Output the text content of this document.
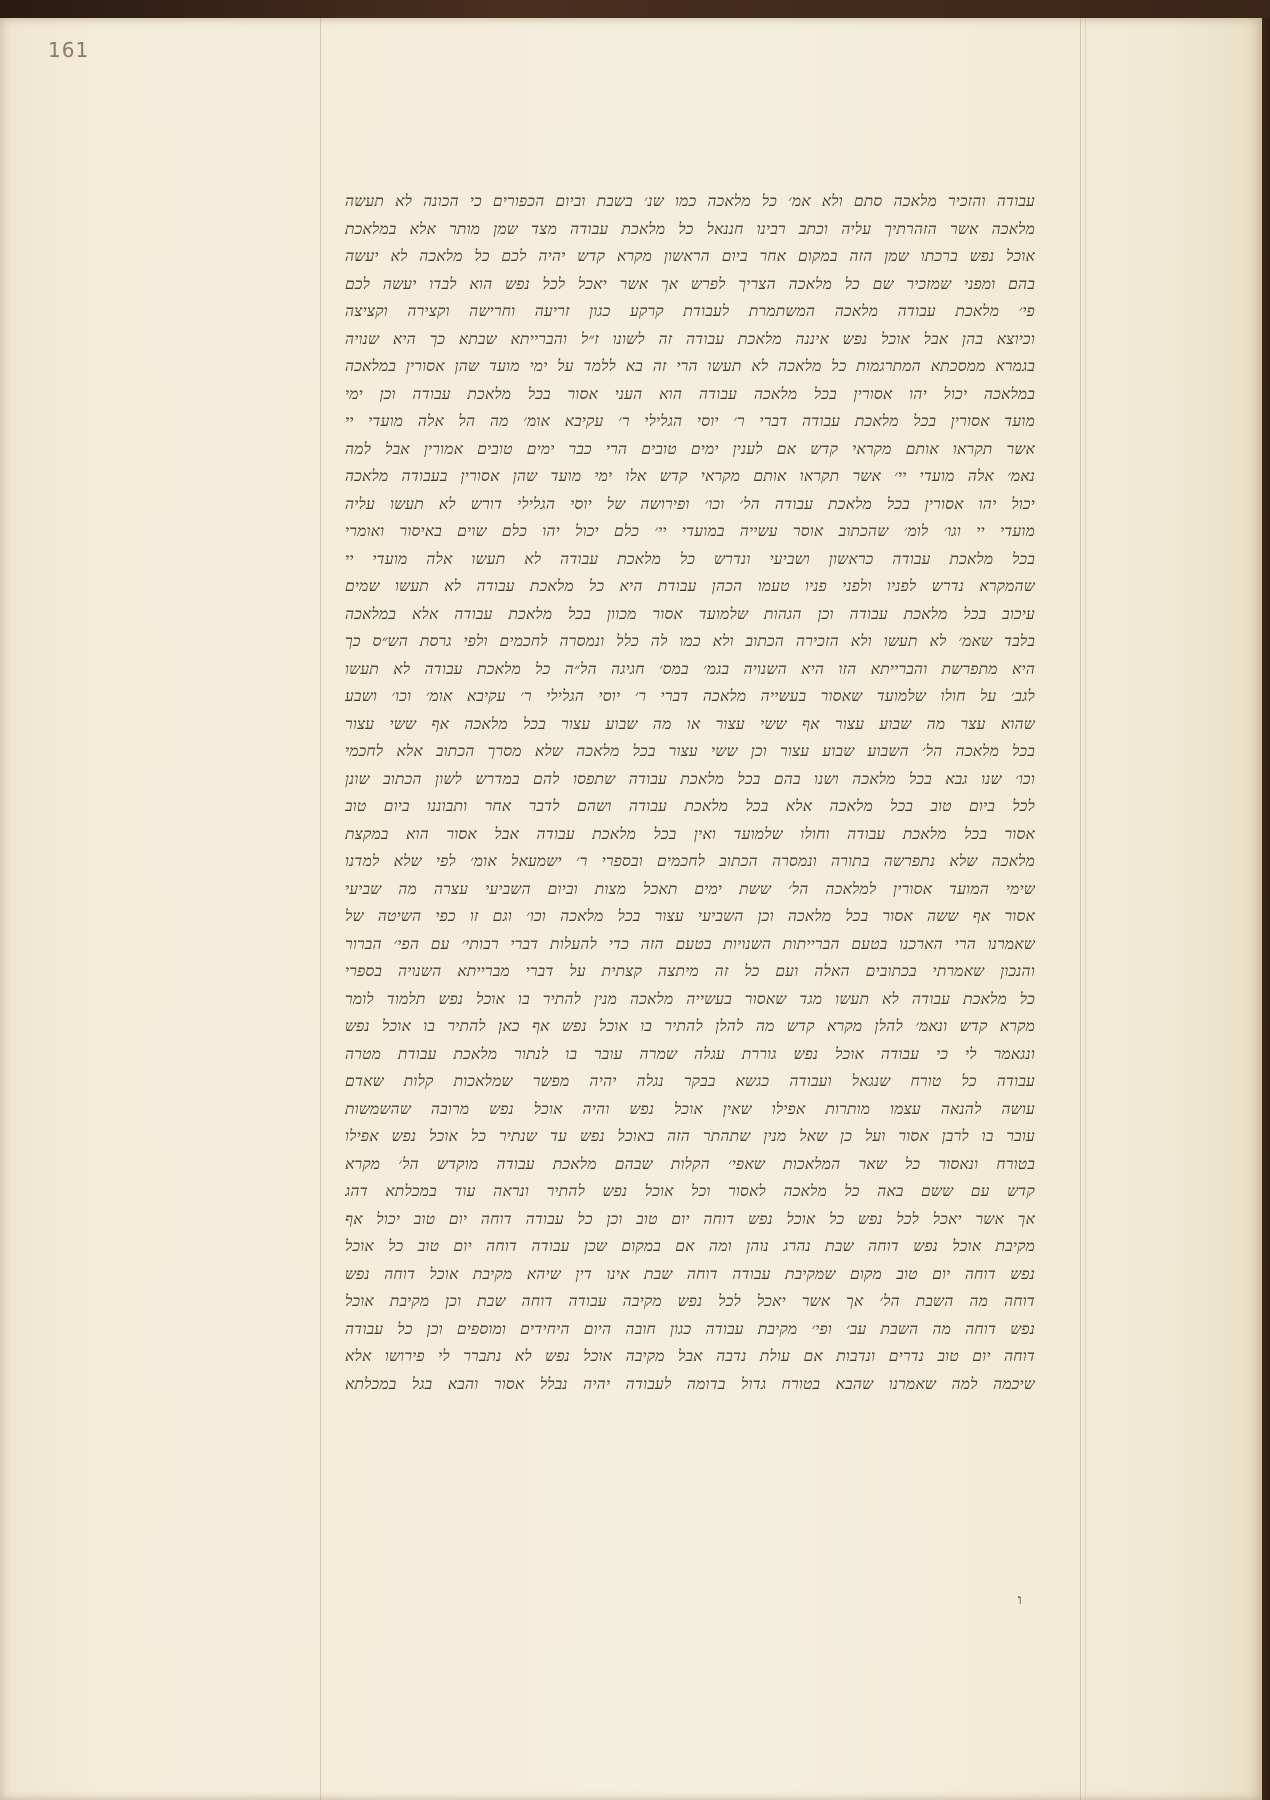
161
עבודה והזכיר מלאכה סתם ולא אמ׳ כל מלאכה כמו שנ׳ בשבת וביום הכפורים כי הכונה לא תעשה
מלאכה אשר הזהרתיך עליה וכתב רבינו חננאל כל מלאכת עבודה מצד שמן מותר אלא במלאכת
אוכל נפש ברכתו שמן הזה במקום אחר ביום הראשון מקרא קדש יהיה לכם כל מלאכה לא יעשה
בהם ומפני שמזכיר שם כל מלאכה הצריך לפרש אך אשר יאכל לכל נפש הוא לבדו יעשה לכם
פי׳ מלאכת עבודה מלאכה המשתמרת לעבודת קרקע כגון זריעה וחרישה וקצירה וקציצה
וכיוצא בהן אבל אוכל נפש איננה מלאכת עבודה זה לשונו ז״ל והברייתא שבתא כך היא שנויה
בגמרא ממסכתא המתרגמות כל מלאכה לא תעשו הרי זה בא ללמד על ימי מועד שהן אסורין במלאכה
במלאכה יכול יהו אסורין בכל מלאכה עבודה הוא העני אסור בכל מלאכת עבודה וכן ימי
מועד אסורין בכל מלאכת עבודה דברי ר׳ יוסי הגלילי ר׳ עקיבא אומ׳ מה הל אלה מועדי יי
אשר תקראו אותם מקראי קדש אם לענין ימים טובים הרי כבר ימים טובים אמורין אבל למה
נאמ׳ אלה מועדי יי׳ אשר תקראו אותם מקראי קדש אלו ימי מועד שהן אסורין בעבודה מלאכה
יכול יהו אסורין בכל מלאכת עבודה הל׳ וכו׳ ופירושה של יוסי הגלילי דורש לא תעשו עליה
מועדי יי וגו׳ לומ׳ שהכתוב אוסר עשייה במועדי יי׳ כלם יכול יהו כלם שוים באיסור ואומרי
בכל מלאכת עבודה כראשון ושביעי ונדרש כל מלאכת עבודה לא תעשו אלה מועדי יי
שהמקרא נדרש לפניו ולפני פניו טעמו הכהן עבודת היא כל מלאכת עבודה לא תעשו שמים
עיכוב בכל מלאכת עבודה וכן הגהות שלמועד אסור מכוון בכל מלאכת עבודה אלא במלאכה
בלבד שאמ׳ לא תעשו ולא הזכירה הכתוב ולא כמו לה כלל ונמסרה לחכמים ולפי גרסת הש״ס כך
היא מתפרשת והברייתא הזו היא השנויה בגמ׳ במס׳ חגיגה הל״ה כל מלאכת עבודה לא תעשו
לגב׳ על חולו שלמועד שאסור בעשייה מלאכה דברי ר׳ יוסי הגלילי ר׳ עקיבא אומ׳ וכו׳ ושבע
שהוא עצר מה שבוע עצור אף ששי עצור או מה שבוע עצור בכל מלאכה אף ששי עצור
בכל מלאכה הל׳ השבוע שבוע עצור וכן ששי עצור בכל מלאכה שלא מסרך הכתוב אלא לחכמי
וכו׳ שנו גבא בכל מלאכה ושנו בהם בכל מלאכת עבודה שתפסו להם במדרש לשון הכתוב שונן
לכל ביום טוב בכל מלאכה אלא בכל מלאכת עבודה ושהם לדבר אחר ותבוננו ביום טוב
אסור בכל מלאכת עבודה וחולו שלמועד ואין בכל מלאכת עבודה אבל אסור הוא במקצת
מלאכה שלא נתפרשה בתורה ונמסרה הכתוב לחכמים ובספרי ר׳ ישמעאל אומ׳ לפי שלא למדנו
שימי המועד אסורין למלאכה הל׳ ששת ימים תאכל מצות וביום השביעי עצרה מה שביעי
אסור אף ששה אסור בכל מלאכה וכן השביעי עצור בכל מלאכה וכו׳ וגם זו כפי השיטה של
שאמרנו הרי הארכנו בטעם הברייתות השנויות בטעם הזה כדי להעלות דברי רבותי׳ עם הפי׳ הברור
והנכון שאמרתי בכתובים האלה ועם כל זה מיתצה קצתית על דברי מברייתא השנויה בספרי
כל מלאכת עבודה לא תעשו מגד שאסור בעשייה מלאכה מנין להתיר בו אוכל נפש תלמוד לומר
מקרא קדש ונאמ׳ להלן מקרא קדש מה להלן להתיר בו אוכל נפש אף כאן להתיר בו אוכל נפש
ונגאמר לי כי עבודה אוכל נפש גוררת עגלה שמרה עובר בו לנתור מלאכת עבודת מטרה
עבודה כל טורח שנגאל ועבודה כגשא בבקר נגלה יהיה מפשר שמלאכות קלות שאדם
עושה להנאה עצמו מותרות אפילו שאין אוכל נפש והיה אוכל נפש מרובה שהשמשות
עובר בו לרבן אסור ועל כן שאל מנין שתהתר הזה באוכל נפש עד שנתיר כל אוכל נפש אפילו
בטורח ונאסור כל שאר המלאכות שאפי׳ הקלות שבהם מלאכת עבודה מוקדש הל׳ מקרא
קדש עם ששם באה כל מלאכה לאסור וכל אוכל נפש להתיר ונראה עוד במכלתא דהג
אך אשר יאכל לכל נפש כל אוכל נפש דוחה יום טוב וכן כל עבודה דוחה יום טוב יכול אף
מקיבת אוכל נפש דוחה שבת נהרג נוהן ומה אם במקום שכן עבודה דוחה יום טוב כל אוכל
נפש דוחה יום טוב מקום שמקיבת עבודה דוחה שבת אינו דין שיהא מקיבת אוכל דוחה נפש
דוחה מה השבת הל׳ אך אשר יאכל לכל נפש מקיבה עבודה דוחה שבת וכן מקיבת אוכל
נפש דוחה מה השבת עב׳ ופי׳ מקיבת עבודה כגון חובה היום היחידים ומוספים וכן כל עבודה
דוחה יום טוב נדרים ונדבות אם עולת נדבה אבל מקיבה אוכל נפש לא נתברר לי פירושו אלא
שיכמה למה שאמרנו שהבא בטורח גדול בדומה לעבודה יהיה נבלל אסור והבא בגל במכלתא
ו
